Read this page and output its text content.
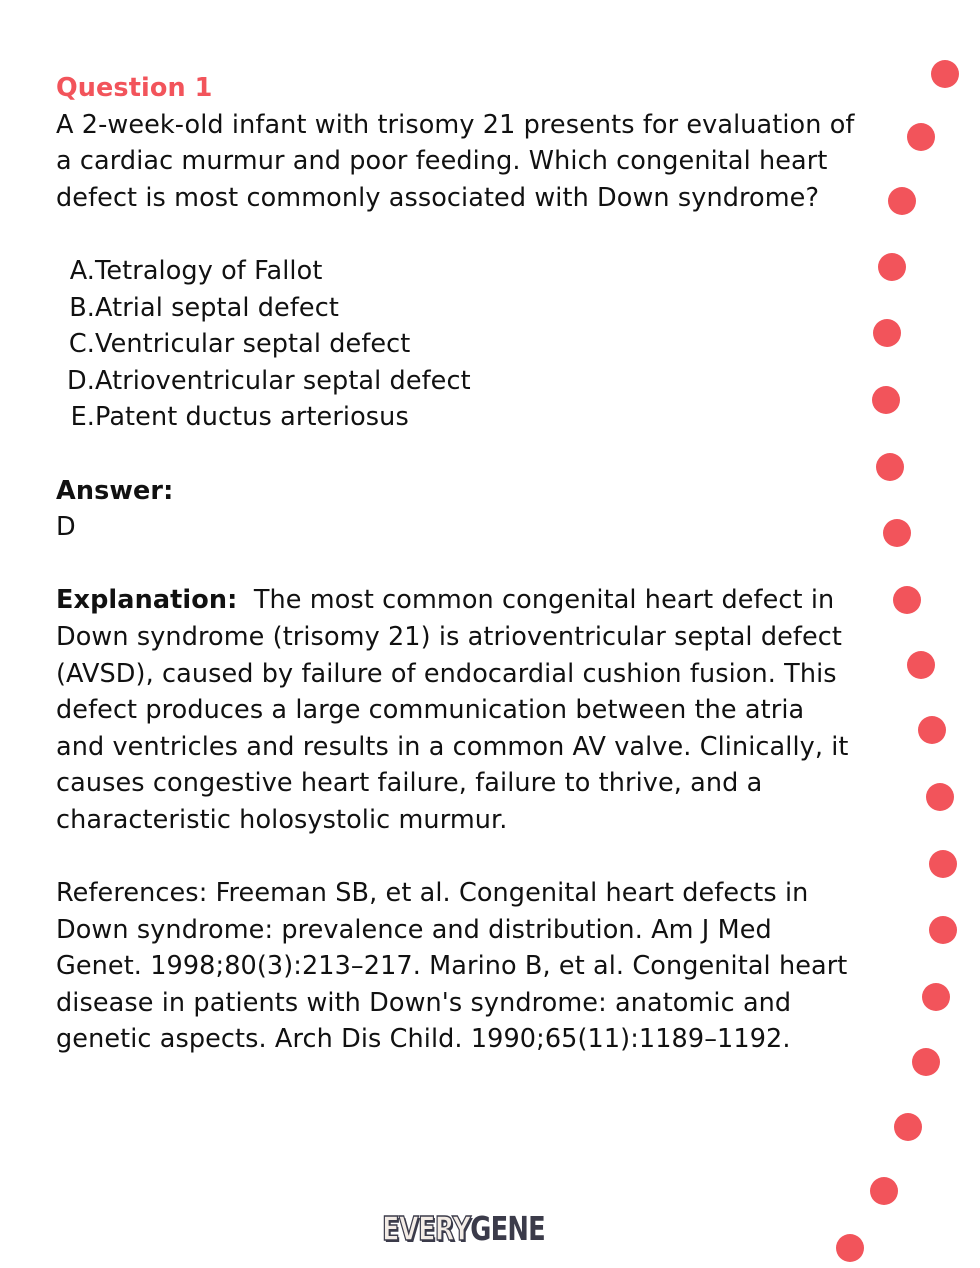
Question 1

A 2-week-old infant with trisomy 21 presents for evaluation of a cardiac murmur and poor feeding. Which congenital heart defect is most commonly associated with Down syndrome?

A. Tetralogy of Fallot
B. Atrial septal defect
C. Ventricular septal defect
D. Atrioventricular septal defect
E. Patent ductus arteriosus

Answer:

D

Explanation: The most common congenital heart defect in Down syndrome (trisomy 21) is atrioventricular septal defect (AVSD), caused by failure of endocardial cushion fusion. This defect produces a large communication between the atria and ventricles and results in a common AV valve. Clinically, it causes congestive heart failure, failure to thrive, and a characteristic holosystolic murmur.

References: Freeman SB, et al. Congenital heart defects in Down syndrome: prevalence and distribution. Am J Med Genet. 1998;80(3):213–217. Marino B, et al. Congenital heart disease in patients with Down's syndrome: anatomic and genetic aspects. Arch Dis Child. 1990;65(11):1189–1192.

EVERYGENE
